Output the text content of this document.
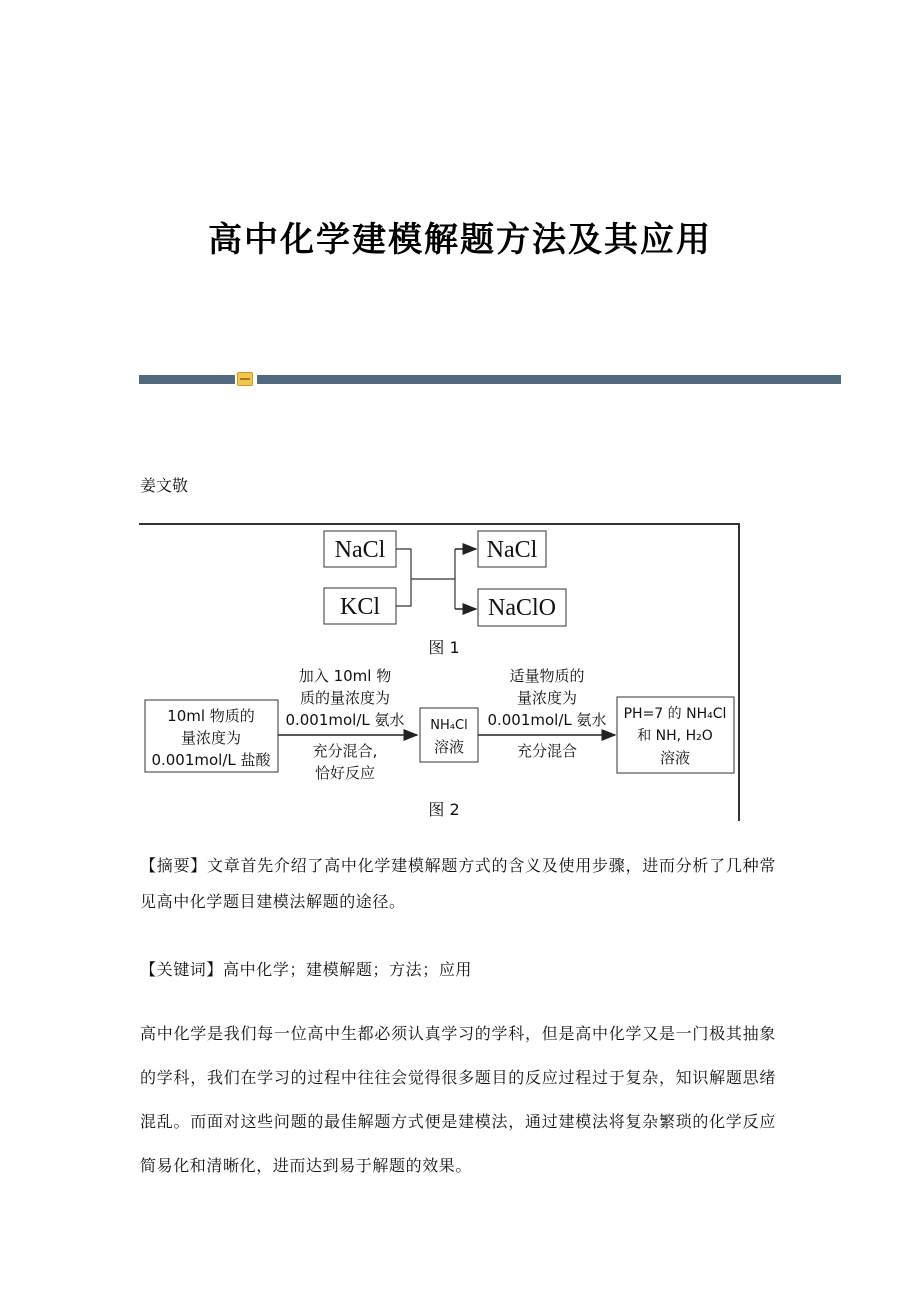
高中化学建模解题方法及其应用
姜文敬
NaCl
KCl
NaCl
NaClO
图 1
10ml 物质的
量浓度为
0.001mol/L 盐酸
加入 10ml 物
质的量浓度为
0.001mol/L 氨水
充分混合,
恰好反应
NH₄Cl
溶液
适量物质的
量浓度为
0.001mol/L 氨水
充分混合
PH=7 的 NH₄Cl
和 NH, H₂O
溶液
图 2
【摘要】文章首先介绍了高中化学建模解题方式的含义及使用步骤，进而分析了几种常见高中化学题目建模法解题的途径。
【关键词】高中化学；建模解题；方法；应用
高中化学是我们每一位高中生都必须认真学习的学科，但是高中化学又是一门极其抽象的学科，我们在学习的过程中往往会觉得很多题目的反应过程过于复杂，知识解题思绪混乱。而面对这些问题的最佳解题方式便是建模法，通过建模法将复杂繁琐的化学反应简易化和清晰化，进而达到易于解题的效果。
